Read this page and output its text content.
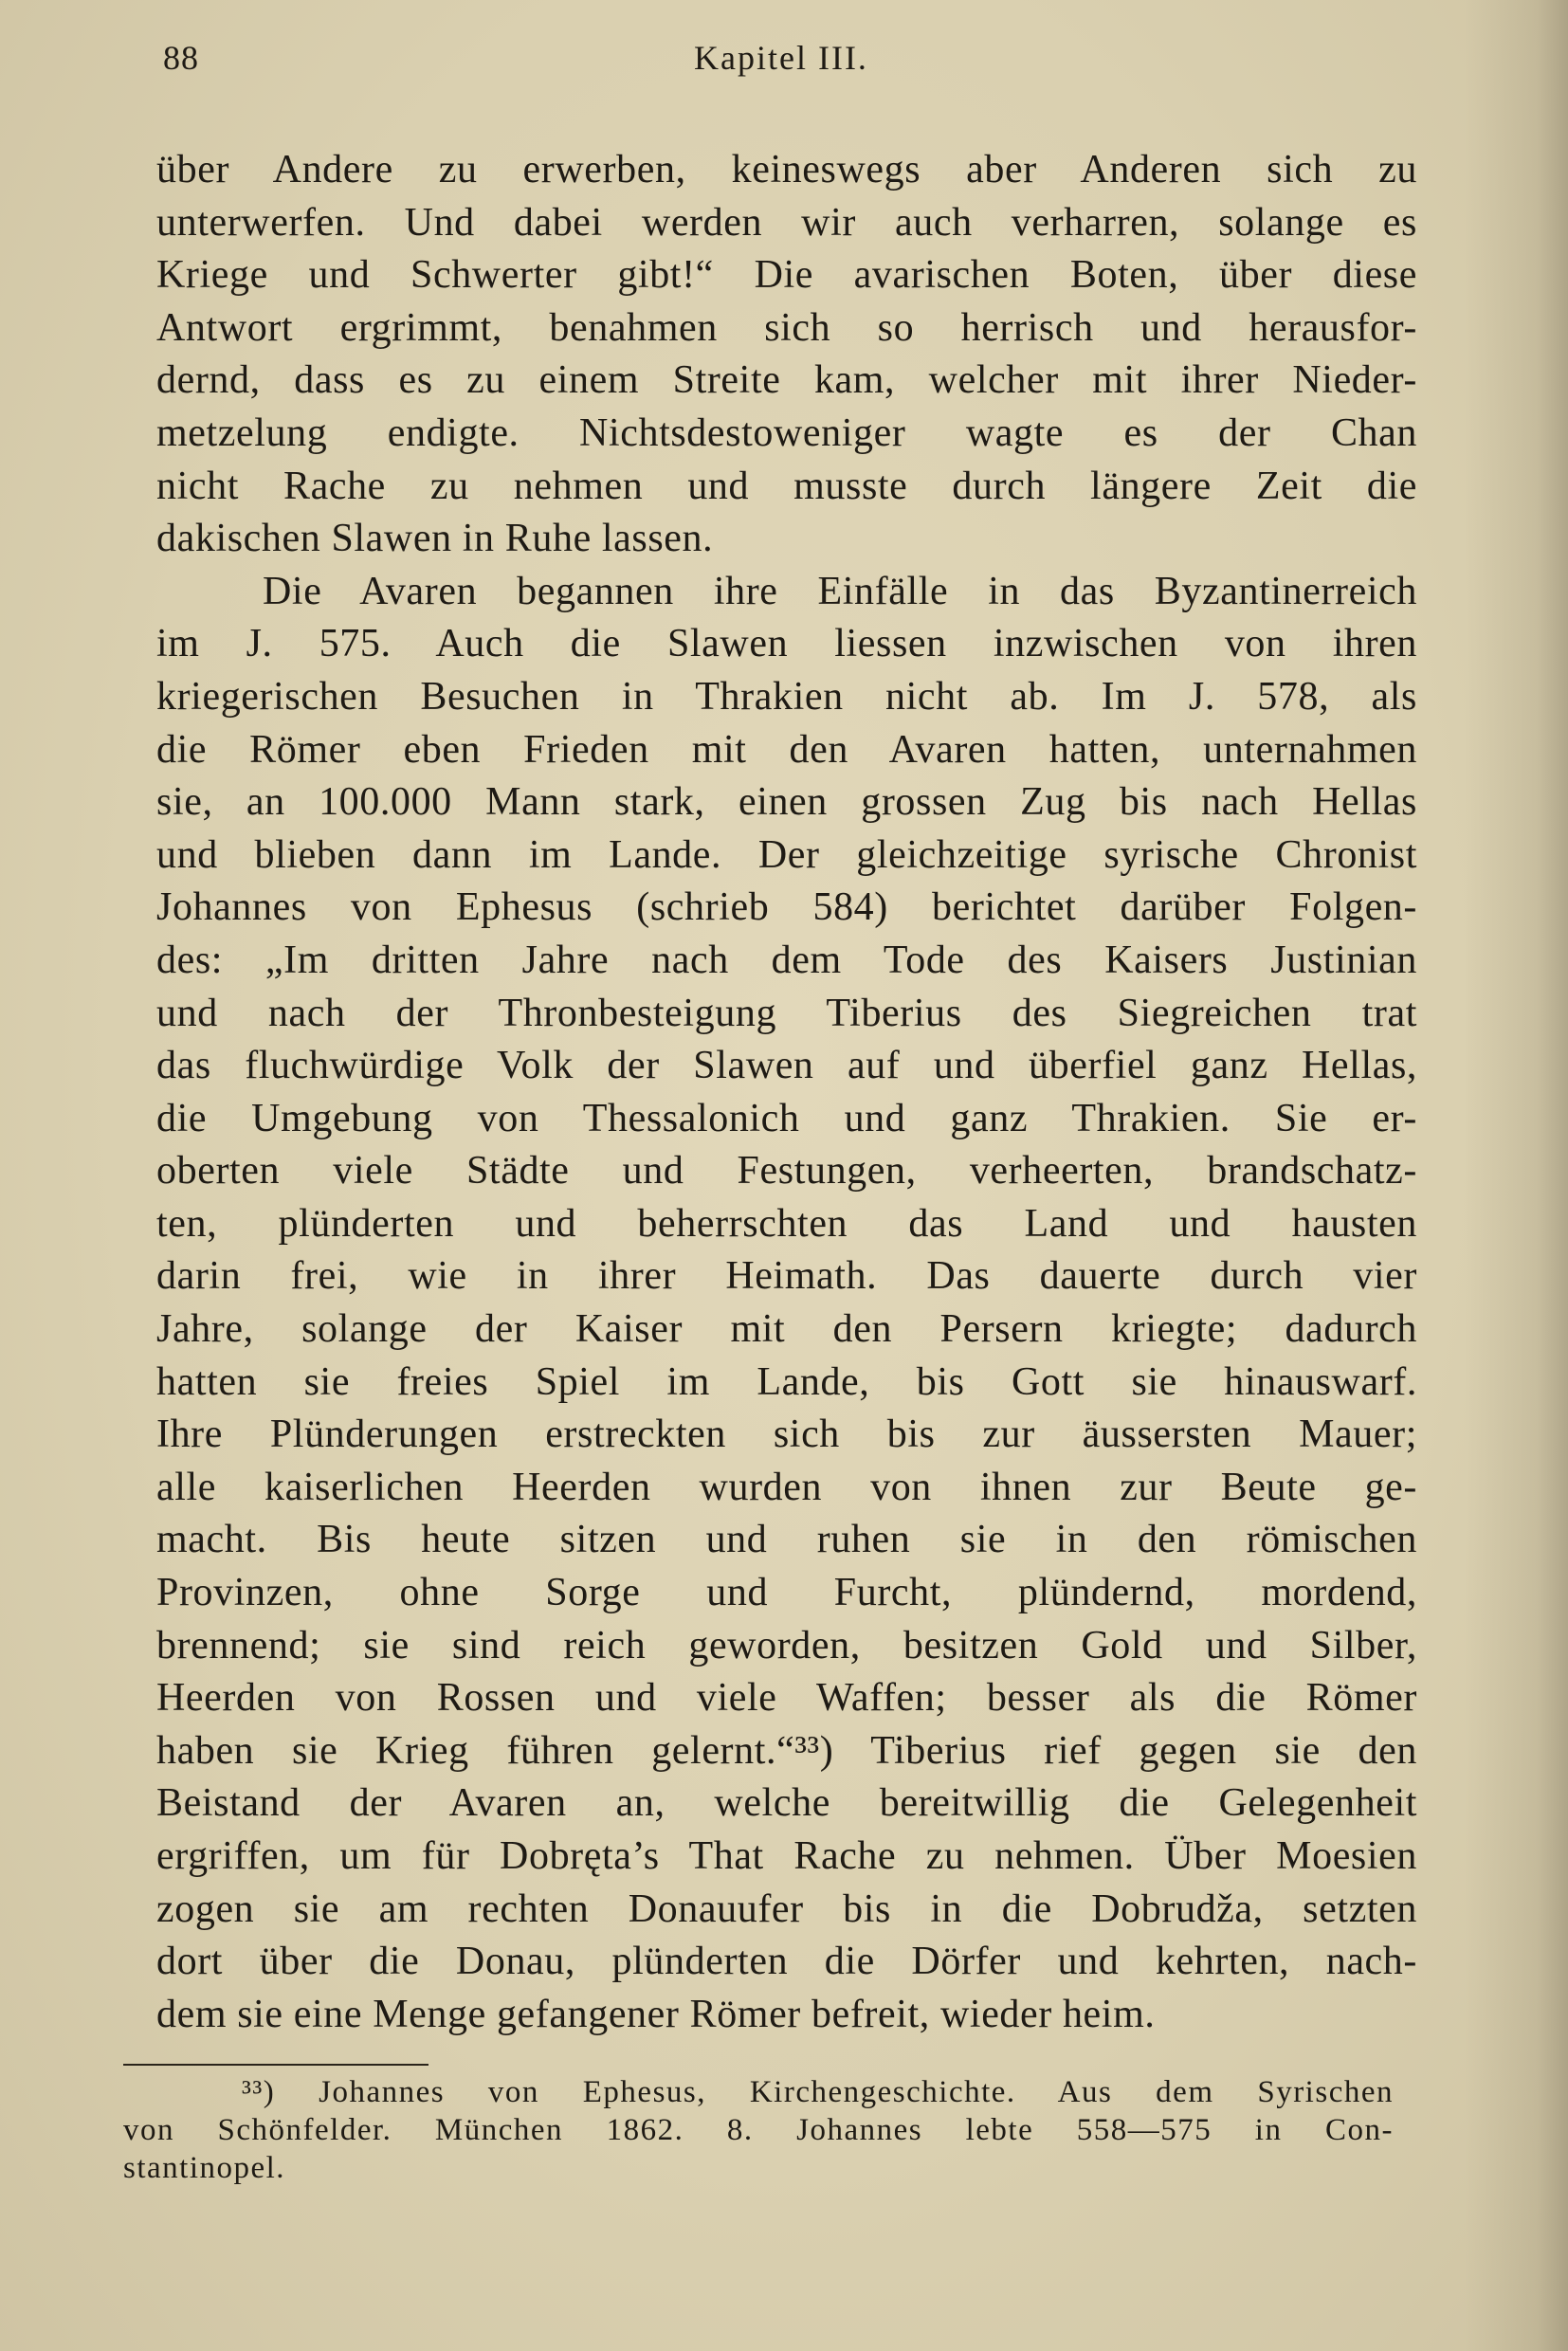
88	Kapitel III.
über Andere zu erwerben, keineswegs aber Anderen sich zu
unterwerfen. Und dabei werden wir auch verharren, solange es
Kriege und Schwerter gibt!“ Die avarischen Boten, über diese
Antwort ergrimmt, benahmen sich so herrisch und herausfor-
dernd, dass es zu einem Streite kam, welcher mit ihrer Nieder-
metzelung endigte. Nichtsdestoweniger wagte es der Chan
nicht Rache zu nehmen und musste durch längere Zeit die
dakischen Slawen in Ruhe lassen.
Die Avaren begannen ihre Einfälle in das Byzantinerreich
im J. 575. Auch die Slawen liessen inzwischen von ihren
kriegerischen Besuchen in Thrakien nicht ab. Im J. 578, als
die Römer eben Frieden mit den Avaren hatten, unternahmen
sie, an 100.000 Mann stark, einen grossen Zug bis nach Hellas
und blieben dann im Lande. Der gleichzeitige syrische Chronist
Johannes von Ephesus (schrieb 584) berichtet darüber Folgen-
des: „Im dritten Jahre nach dem Tode des Kaisers Justinian
und nach der Thronbesteigung Tiberius des Siegreichen trat
das fluchwürdige Volk der Slawen auf und überfiel ganz Hellas,
die Umgebung von Thessalonich und ganz Thrakien. Sie er-
oberten viele Städte und Festungen, verheerten, brandschatz-
ten, plünderten und beherrschten das Land und hausten
darin frei, wie in ihrer Heimath. Das dauerte durch vier
Jahre, solange der Kaiser mit den Persern kriegte; dadurch
hatten sie freies Spiel im Lande, bis Gott sie hinauswarf.
Ihre Plünderungen erstreckten sich bis zur äussersten Mauer;
alle kaiserlichen Heerden wurden von ihnen zur Beute ge-
macht. Bis heute sitzen und ruhen sie in den römischen
Provinzen, ohne Sorge und Furcht, plündernd, mordend,
brennend; sie sind reich geworden, besitzen Gold und Silber,
Heerden von Rossen und viele Waffen; besser als die Römer
haben sie Krieg führen gelernt.“³³) Tiberius rief gegen sie den
Beistand der Avaren an, welche bereitwillig die Gelegenheit
ergriffen, um für Dobręta’s That Rache zu nehmen. Über Moesien
zogen sie am rechten Donauufer bis in die Dobrudža, setzten
dort über die Donau, plünderten die Dörfer und kehrten, nach-
dem sie eine Menge gefangener Römer befreit, wieder heim.
³³) Johannes von Ephesus, Kirchengeschichte. Aus dem Syrischen
von Schönfelder. München 1862. 8. Johannes lebte 558—575 in Con-
stantinopel.
